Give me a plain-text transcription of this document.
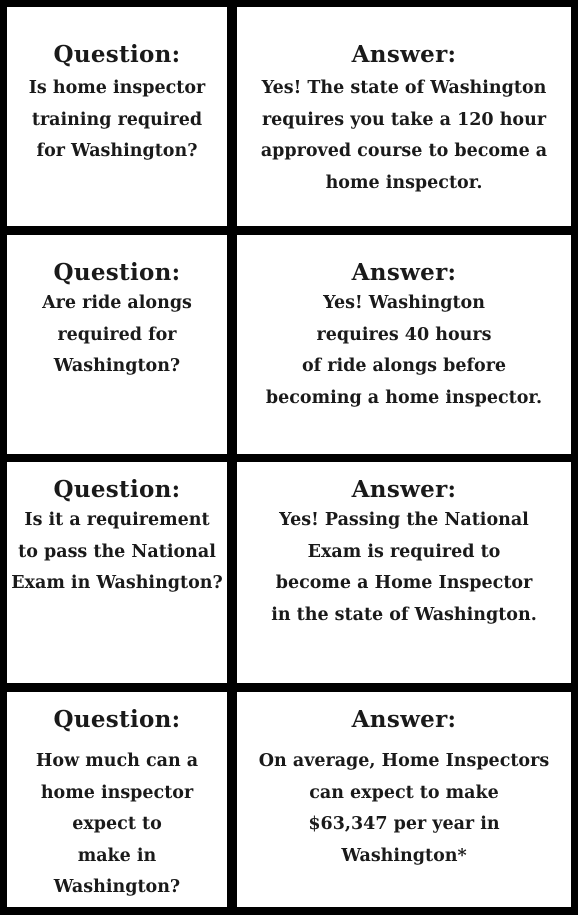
Question:
Is home inspector
training required
for Washington?
Answer:
Yes! The state of Washington
requires you take a 120 hour
approved course to become a
home inspector.
Question:
Are ride alongs
required for
Washington?
Answer:
Yes! Washington
requires 40 hours
of ride alongs before
becoming a home inspector.
Question:
Is it a requirement
to pass the National
Exam in Washington?
Answer:
Yes! Passing the National
Exam is required to
become a Home Inspector
in the state of Washington.
Question:
How much can a
home inspector
expect to
make in
Washington?
Answer:
On average, Home Inspectors
can expect to make
$63,347 per year in
Washington*
